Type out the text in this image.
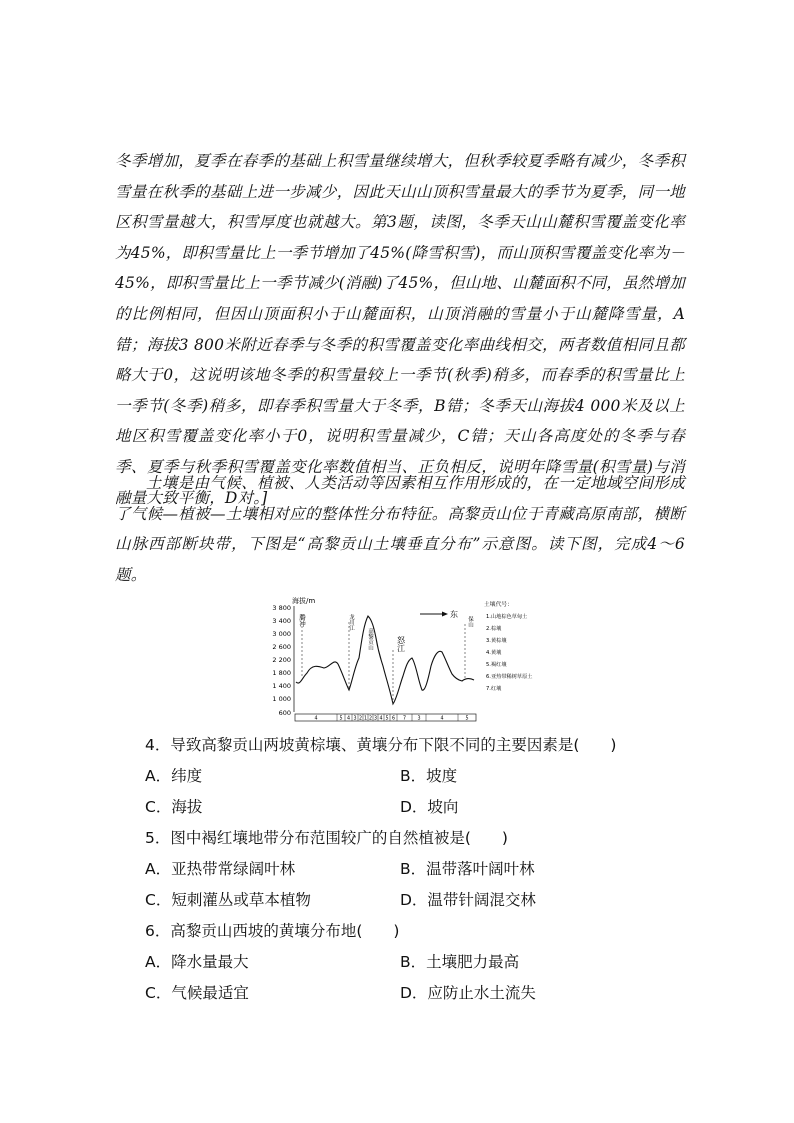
冬季增加，夏季在春季的基础上积雪量继续增大，但秋季较夏季略有减少，冬季积雪量在秋季的基础上进一步减少，因此天山山顶积雪量最大的季节为夏季，同一地区积雪量越大，积雪厚度也就越大。第3题，读图，冬季天山山麓积雪覆盖变化率为45%，即积雪量比上一季节增加了45%(降雪积雪)，而山顶积雪覆盖变化率为－45%，即积雪量比上一季节减少(消融)了45%，但山地、山麓面积不同，虽然增加的比例相同，但因山顶面积小于山麓面积，山顶消融的雪量小于山麓降雪量，A错；海拔3 800米附近春季与冬季的积雪覆盖变化率曲线相交，两者数值相同且都略大于0，这说明该地冬季的积雪量较上一季节(秋季)稍多，而春季的积雪量比上一季节(冬季)稍多，即春季积雪量大于冬季，B错；冬季天山海拔4 000米及以上地区积雪覆盖变化率小于0，说明积雪量减少，C错；天山各高度处的冬季与春季、夏季与秋季积雪覆盖变化率数值相当、正负相反，说明年降雪量(积雪量)与消融量大致平衡，D对。]

土壤是由气候、植被、人类活动等因素相互作用形成的，在一定地域空间形成了气候—植被—土壤相对应的整体性分布特征。高黎贡山位于青藏高原南部，横断山脉西部断块带，下图是“高黎贡山土壤垂直分布”示意图。读下图，完成4～6题。

海拔/m
3 800
3 400
3 000
2 600
2 200
1 800
1 400
1 000
600
东
腾冲	龙川江
高黎贡山	怒江
保山
土壤代号：
1.山地棕色草甸土
2.棕壤
3.黄棕壤
4.黄壤
5.褐红壤
6.亚热带稀树草原土
7.红壤
4	5 4 3 2 1 2 3 4 5 6 7 3	4	5
4．导致高黎贡山两坡黄棕壤、黄壤分布下限不同的主要因素是(　　)
A．纬度	B．坡度
C．海拔	D．坡向
5．图中褐红壤地带分布范围较广的自然植被是(　　)
A．亚热带常绿阔叶林	B．温带落叶阔叶林
C．短刺灌丛或草本植物	D．温带针阔混交林
6．高黎贡山西坡的黄壤分布地(　　)
A．降水量最大	B．土壤肥力最高
C．气候最适宜	D．应防止水土流失
